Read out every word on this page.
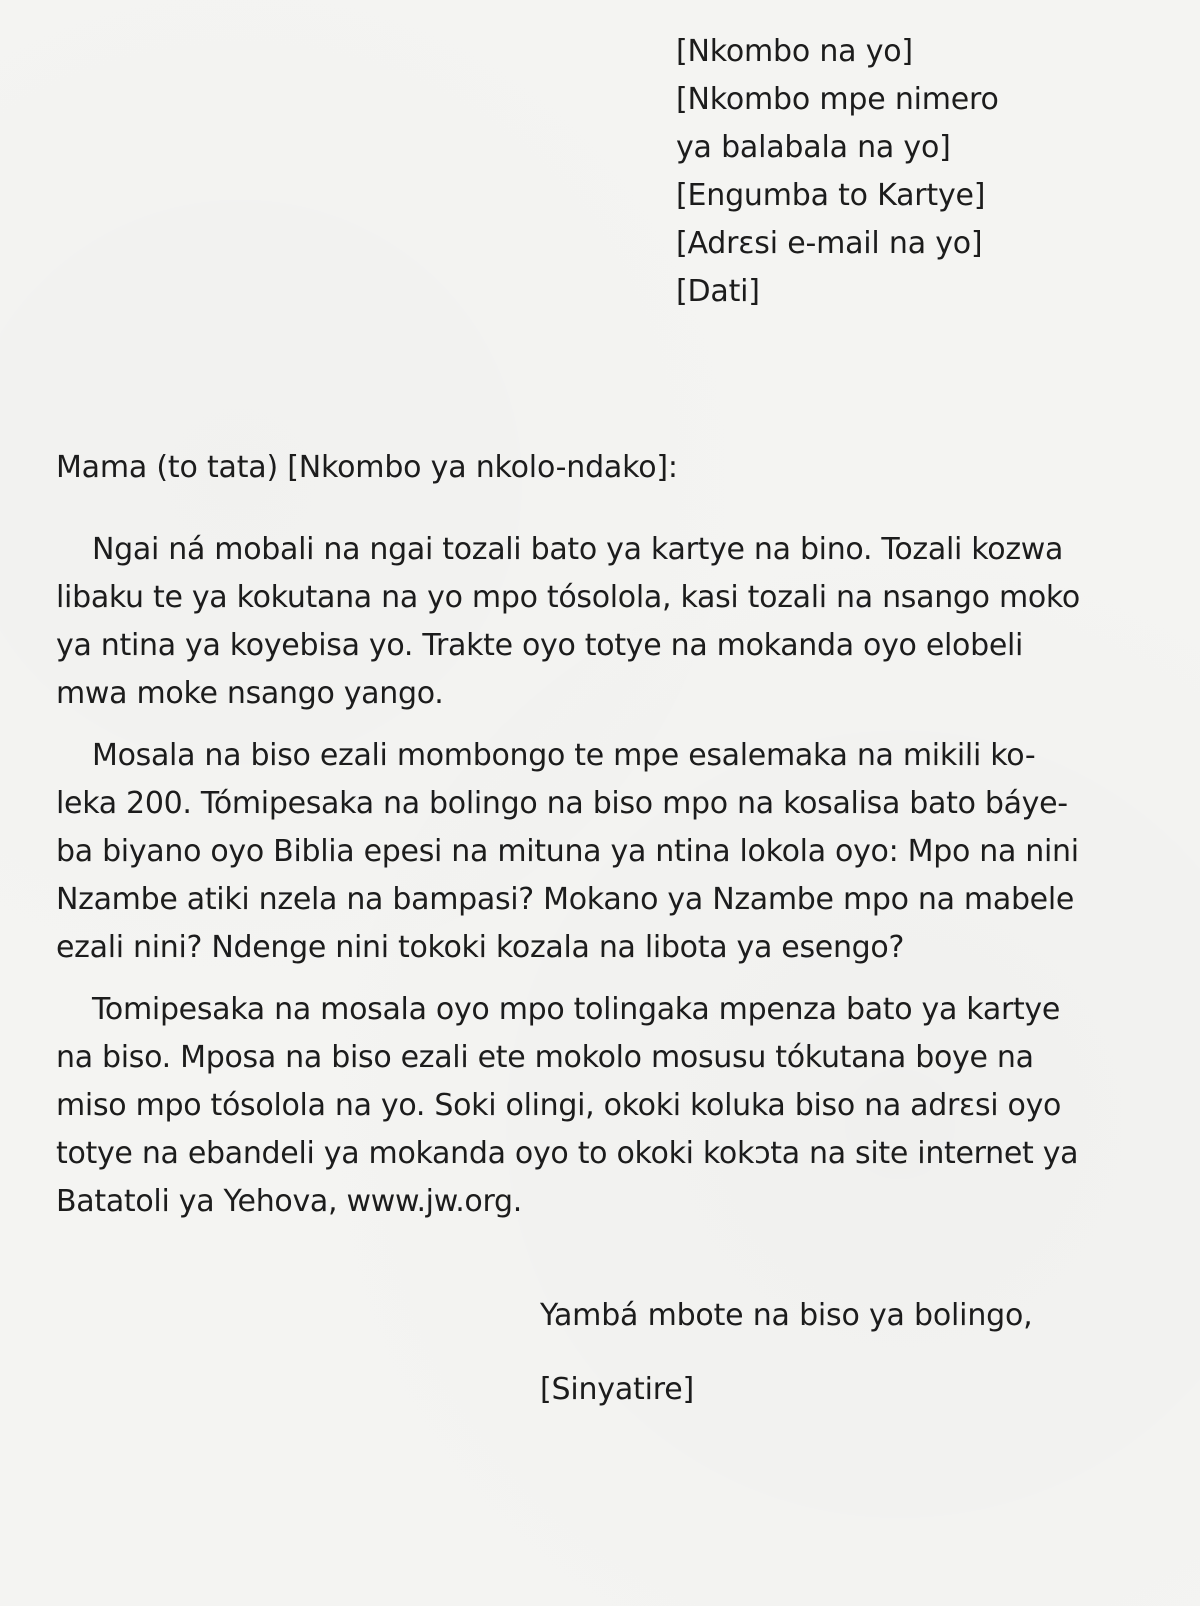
[Nkombo na yo]
[Nkombo mpe nimero
ya balabala na yo]
[Engumba to Kartye]
[Adrɛsi e-mail na yo]
[Dati]
Mama (to tata) [Nkombo ya nkolo-ndako]:

Ngai ná mobali na ngai tozali bato ya kartye na bino. Tozali kozwa
libaku te ya kokutana na yo mpo tósolola, kasi tozali na nsango moko
ya ntina ya koyebisa yo. Trakte oyo totye na mokanda oyo elobeli
mwa moke nsango yango.

Mosala na biso ezali mombongo te mpe esalemaka na mikili ko-
leka 200. Tómipesaka na bolingo na biso mpo na kosalisa bato báye-
ba biyano oyo Biblia epesi na mituna ya ntina lokola oyo: Mpo na nini
Nzambe atiki nzela na bampasi? Mokano ya Nzambe mpo na mabele
ezali nini? Ndenge nini tokoki kozala na libota ya esengo?

Tomipesaka na mosala oyo mpo tolingaka mpenza bato ya kartye
na biso. Mposa na biso ezali ete mokolo mosusu tókutana boye na
miso mpo tósolola na yo. Soki olingi, okoki koluka biso na adrɛsi oyo
totye na ebandeli ya mokanda oyo to okoki kokɔta na site internet ya
Batatoli ya Yehova, www.jw.org.

Yambá mbote na biso ya bolingo,
[Sinyatire]
